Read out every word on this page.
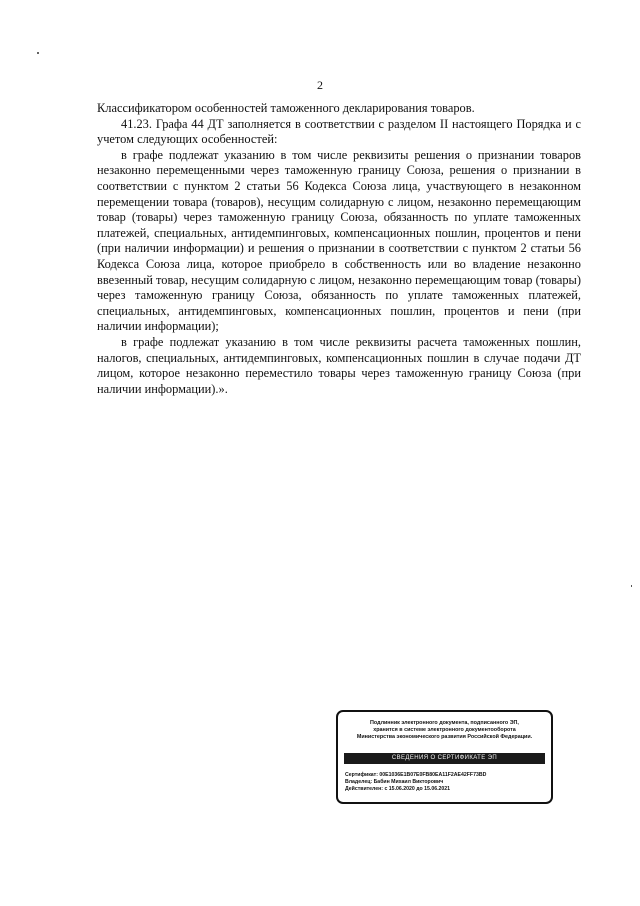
2

Классификатором особенностей таможенного декларирования товаров.

41.23. Графа 44 ДТ заполняется в соответствии с разделом II настоящего Порядка и с учетом следующих особенностей:

в графе подлежат указанию в том числе реквизиты решения о признании товаров незаконно перемещенными через таможенную границу Союза, решения о признании в соответствии с пунктом 2 статьи 56 Кодекса Союза лица, участвующего в незаконном перемещении товара (товаров), несущим солидарную с лицом, незаконно перемещающим товар (товары) через таможенную границу Союза, обязанность по уплате таможенных платежей, специальных, антидемпинговых, компенсационных пошлин, процентов и пени (при наличии информации) и решения о признании в соответствии с пунктом 2 статьи 56 Кодекса Союза лица, которое приобрело в собственность или во владение незаконно ввезенный товар, несущим солидарную с лицом, незаконно перемещающим товар (товары) через таможенную границу Союза, обязанность по уплате таможенных платежей, специальных, антидемпинговых, компенсационных пошлин, процентов и пени (при наличии информации);

в графе подлежат указанию в том числе реквизиты расчета таможенных пошлин, налогов, специальных, антидемпинговых, компенсационных пошлин в случае подачи ДТ лицом, которое незаконно переместило товары через таможенную границу Союза (при наличии информации).».

Подлинник электронного документа, подписанного ЭП,
хранится в системе электронного документооборота
Министерства экономического развития Российской Федерации.
СВЕДЕНИЯ О СЕРТИФИКАТЕ ЭП
Сертификат: 00E1036E1B07E0FB80EA11F2AE42FF73BD
Владелец: Бабин Михаил Викторович
Действителен: с 15.06.2020 до 15.06.2021
